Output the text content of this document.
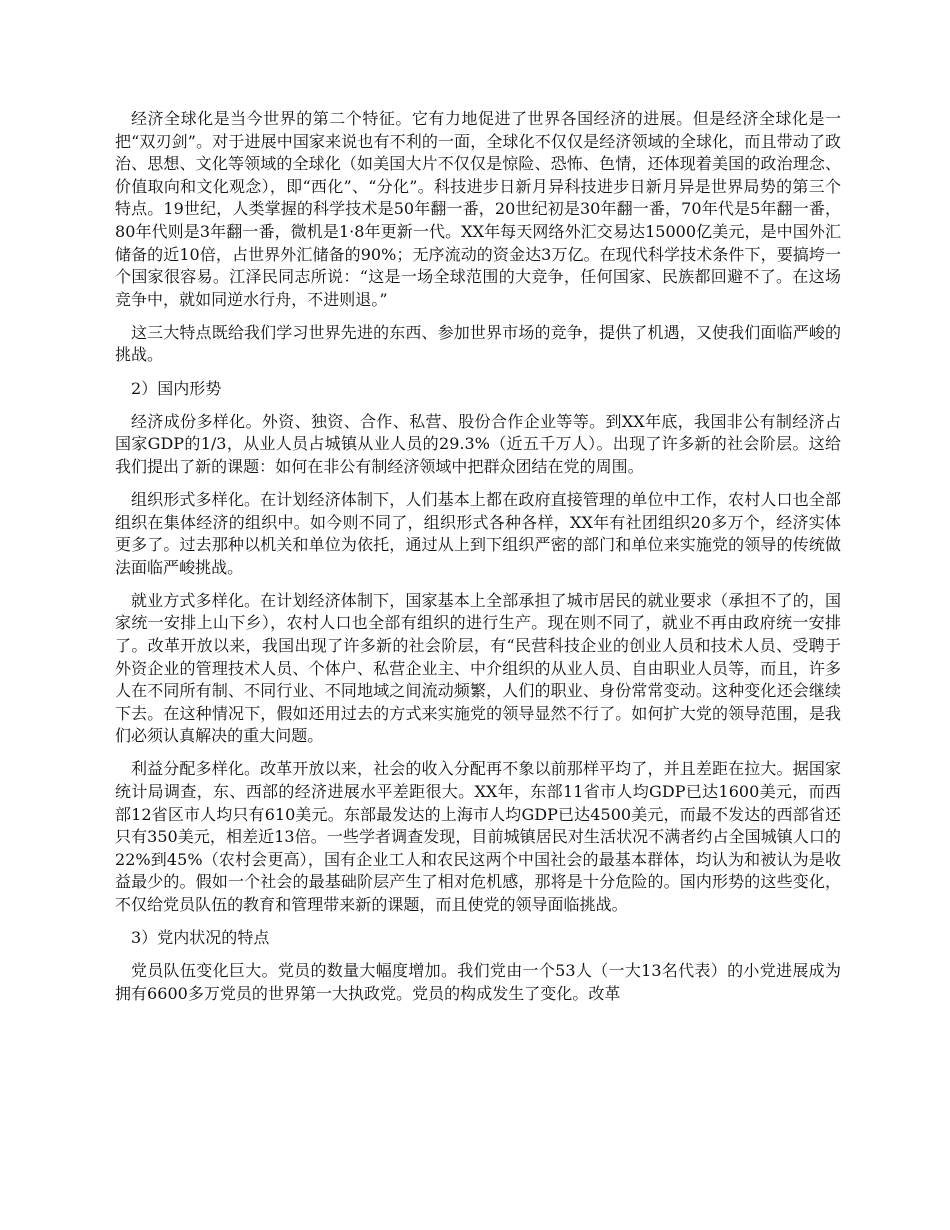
经济全球化是当今世界的第二个特征。它有力地促进了世界各国经济的进展。但是经济全球化是一把“双刃剑”。对于进展中国家来说也有不利的一面，全球化不仅仅是经济领域的全球化，而且带动了政治、思想、文化等领域的全球化（如美国大片不仅仅是惊险、恐怖、色情，还体现着美国的政治理念、价值取向和文化观念），即“西化”、“分化”。科技进步日新月异科技进步日新月异是世界局势的第三个特点。19世纪，人类掌握的科学技术是50年翻一番，20世纪初是30年翻一番，70年代是5年翻一番，80年代则是3年翻一番，微机是1·8年更新一代。XX年每天网络外汇交易达15000亿美元，是中国外汇储备的近10倍，占世界外汇储备的90%；无序流动的资金达3万亿。在现代科学技术条件下，要搞垮一个国家很容易。江泽民同志所说：“这是一场全球范围的大竞争，任何国家、民族都回避不了。在这场竞争中，就如同逆水行舟，不进则退。”

这三大特点既给我们学习世界先进的东西、参加世界市场的竞争，提供了机遇，又使我们面临严峻的挑战。

2）国内形势

经济成份多样化。外资、独资、合作、私营、股份合作企业等等。到XX年底，我国非公有制经济占国家GDP的1/3，从业人员占城镇从业人员的29.3%（近五千万人）。出现了许多新的社会阶层。这给我们提出了新的课题：如何在非公有制经济领域中把群众团结在党的周围。

组织形式多样化。在计划经济体制下，人们基本上都在政府直接管理的单位中工作，农村人口也全部组织在集体经济的组织中。如今则不同了，组织形式各种各样，XX年有社团组织20多万个，经济实体更多了。过去那种以机关和单位为依托，通过从上到下组织严密的部门和单位来实施党的领导的传统做法面临严峻挑战。

就业方式多样化。在计划经济体制下，国家基本上全部承担了城市居民的就业要求（承担不了的，国家统一安排上山下乡），农村人口也全部有组织的进行生产。现在则不同了，就业不再由政府统一安排了。改革开放以来，我国出现了许多新的社会阶层，有“民营科技企业的创业人员和技术人员、受聘于外资企业的管理技术人员、个体户、私营企业主、中介组织的从业人员、自由职业人员等，而且，许多人在不同所有制、不同行业、不同地域之间流动频繁，人们的职业、身份常常变动。这种变化还会继续下去。在这种情况下，假如还用过去的方式来实施党的领导显然不行了。如何扩大党的领导范围，是我们必须认真解决的重大问题。

利益分配多样化。改革开放以来，社会的收入分配再不象以前那样平均了，并且差距在拉大。据国家统计局调查，东、西部的经济进展水平差距很大。XX年，东部11省市人均GDP已达1600美元，而西部12省区市人均只有610美元。东部最发达的上海市人均GDP已达4500美元，而最不发达的西部省还只有350美元，相差近13倍。一些学者调查发现，目前城镇居民对生活状况不满者约占全国城镇人口的22%到45%（农村会更高），国有企业工人和农民这两个中国社会的最基本群体，均认为和被认为是收益最少的。假如一个社会的最基础阶层产生了相对危机感，那将是十分危险的。国内形势的这些变化，不仅给党员队伍的教育和管理带来新的课题，而且使党的领导面临挑战。

3）党内状况的特点

党员队伍变化巨大。党员的数量大幅度增加。我们党由一个53人（一大13名代表）的小党进展成为拥有6600多万党员的世界第一大执政党。党员的构成发生了变化。改革
